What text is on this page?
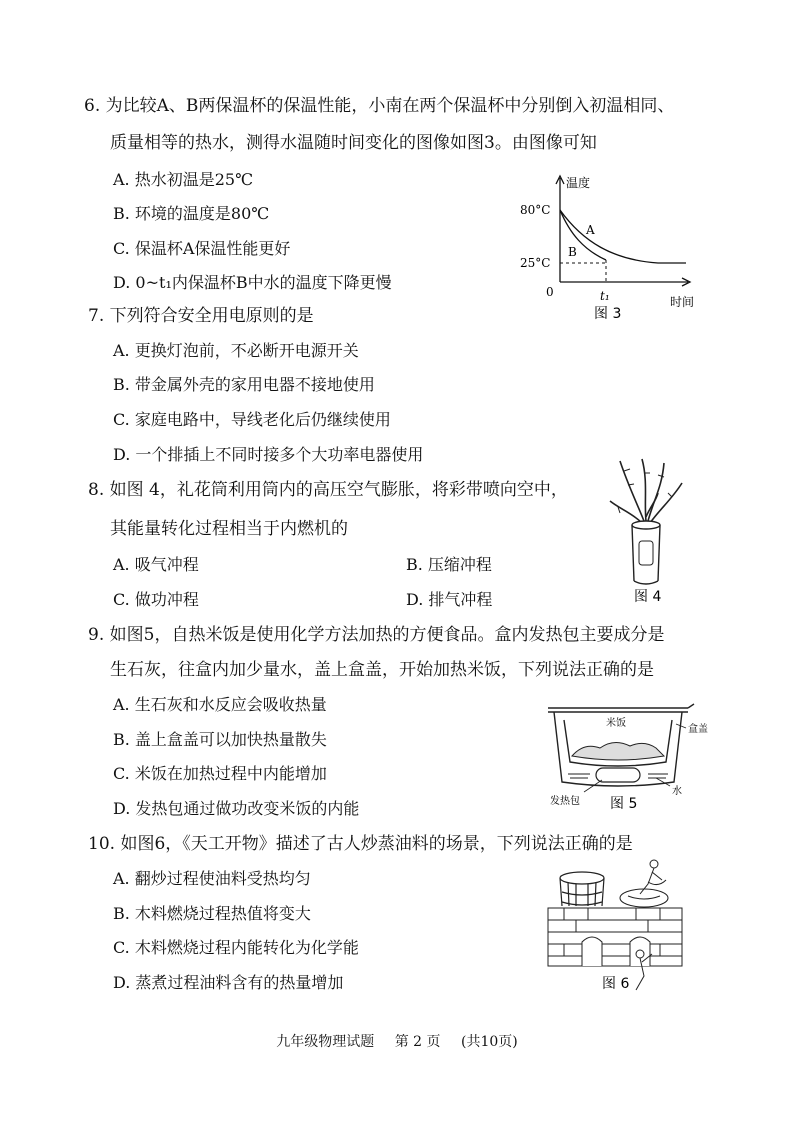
6. 为比较A、B两保温杯的保温性能，小南在两个保温杯中分别倒入初温相同、
质量相等的热水，测得水温随时间变化的图像如图3。由图像可知
A. 热水初温是25℃
B. 环境的温度是80℃
C. 保温杯A保温性能更好
D. 0~t₁内保温杯B中水的温度下降更慢
温度
80°C
25°C
0	t₁	时间
A
B
图 3
7. 下列符合安全用电原则的是
A. 更换灯泡前，不必断开电源开关
B. 带金属外壳的家用电器不接地使用
C. 家庭电路中，导线老化后仍继续使用
D. 一个排插上不同时接多个大功率电器使用
8. 如图 4，礼花筒利用筒内的高压空气膨胀，将彩带喷向空中，
其能量转化过程相当于内燃机的
A. 吸气冲程	B. 压缩冲程
C. 做功冲程	D. 排气冲程	图 4
9. 如图5，自热米饭是使用化学方法加热的方便食品。盒内发热包主要成分是
生石灰，往盒内加少量水，盖上盒盖，开始加热米饭，下列说法正确的是
A. 生石灰和水反应会吸收热量
B. 盖上盒盖可以加快热量散失
C. 米饭在加热过程中内能增加
D. 发热包通过做功改变米饭的内能
米饭
盒盖
水
发热包 图 5
10. 如图6，《天工开物》描述了古人炒蒸油料的场景，下列说法正确的是
A. 翻炒过程使油料受热均匀
B. 木料燃烧过程热值将变大
C. 木料燃烧过程内能转化为化学能
D. 蒸煮过程油料含有的热量增加	图 6
九年级物理试题 第 2 页 (共10页)
